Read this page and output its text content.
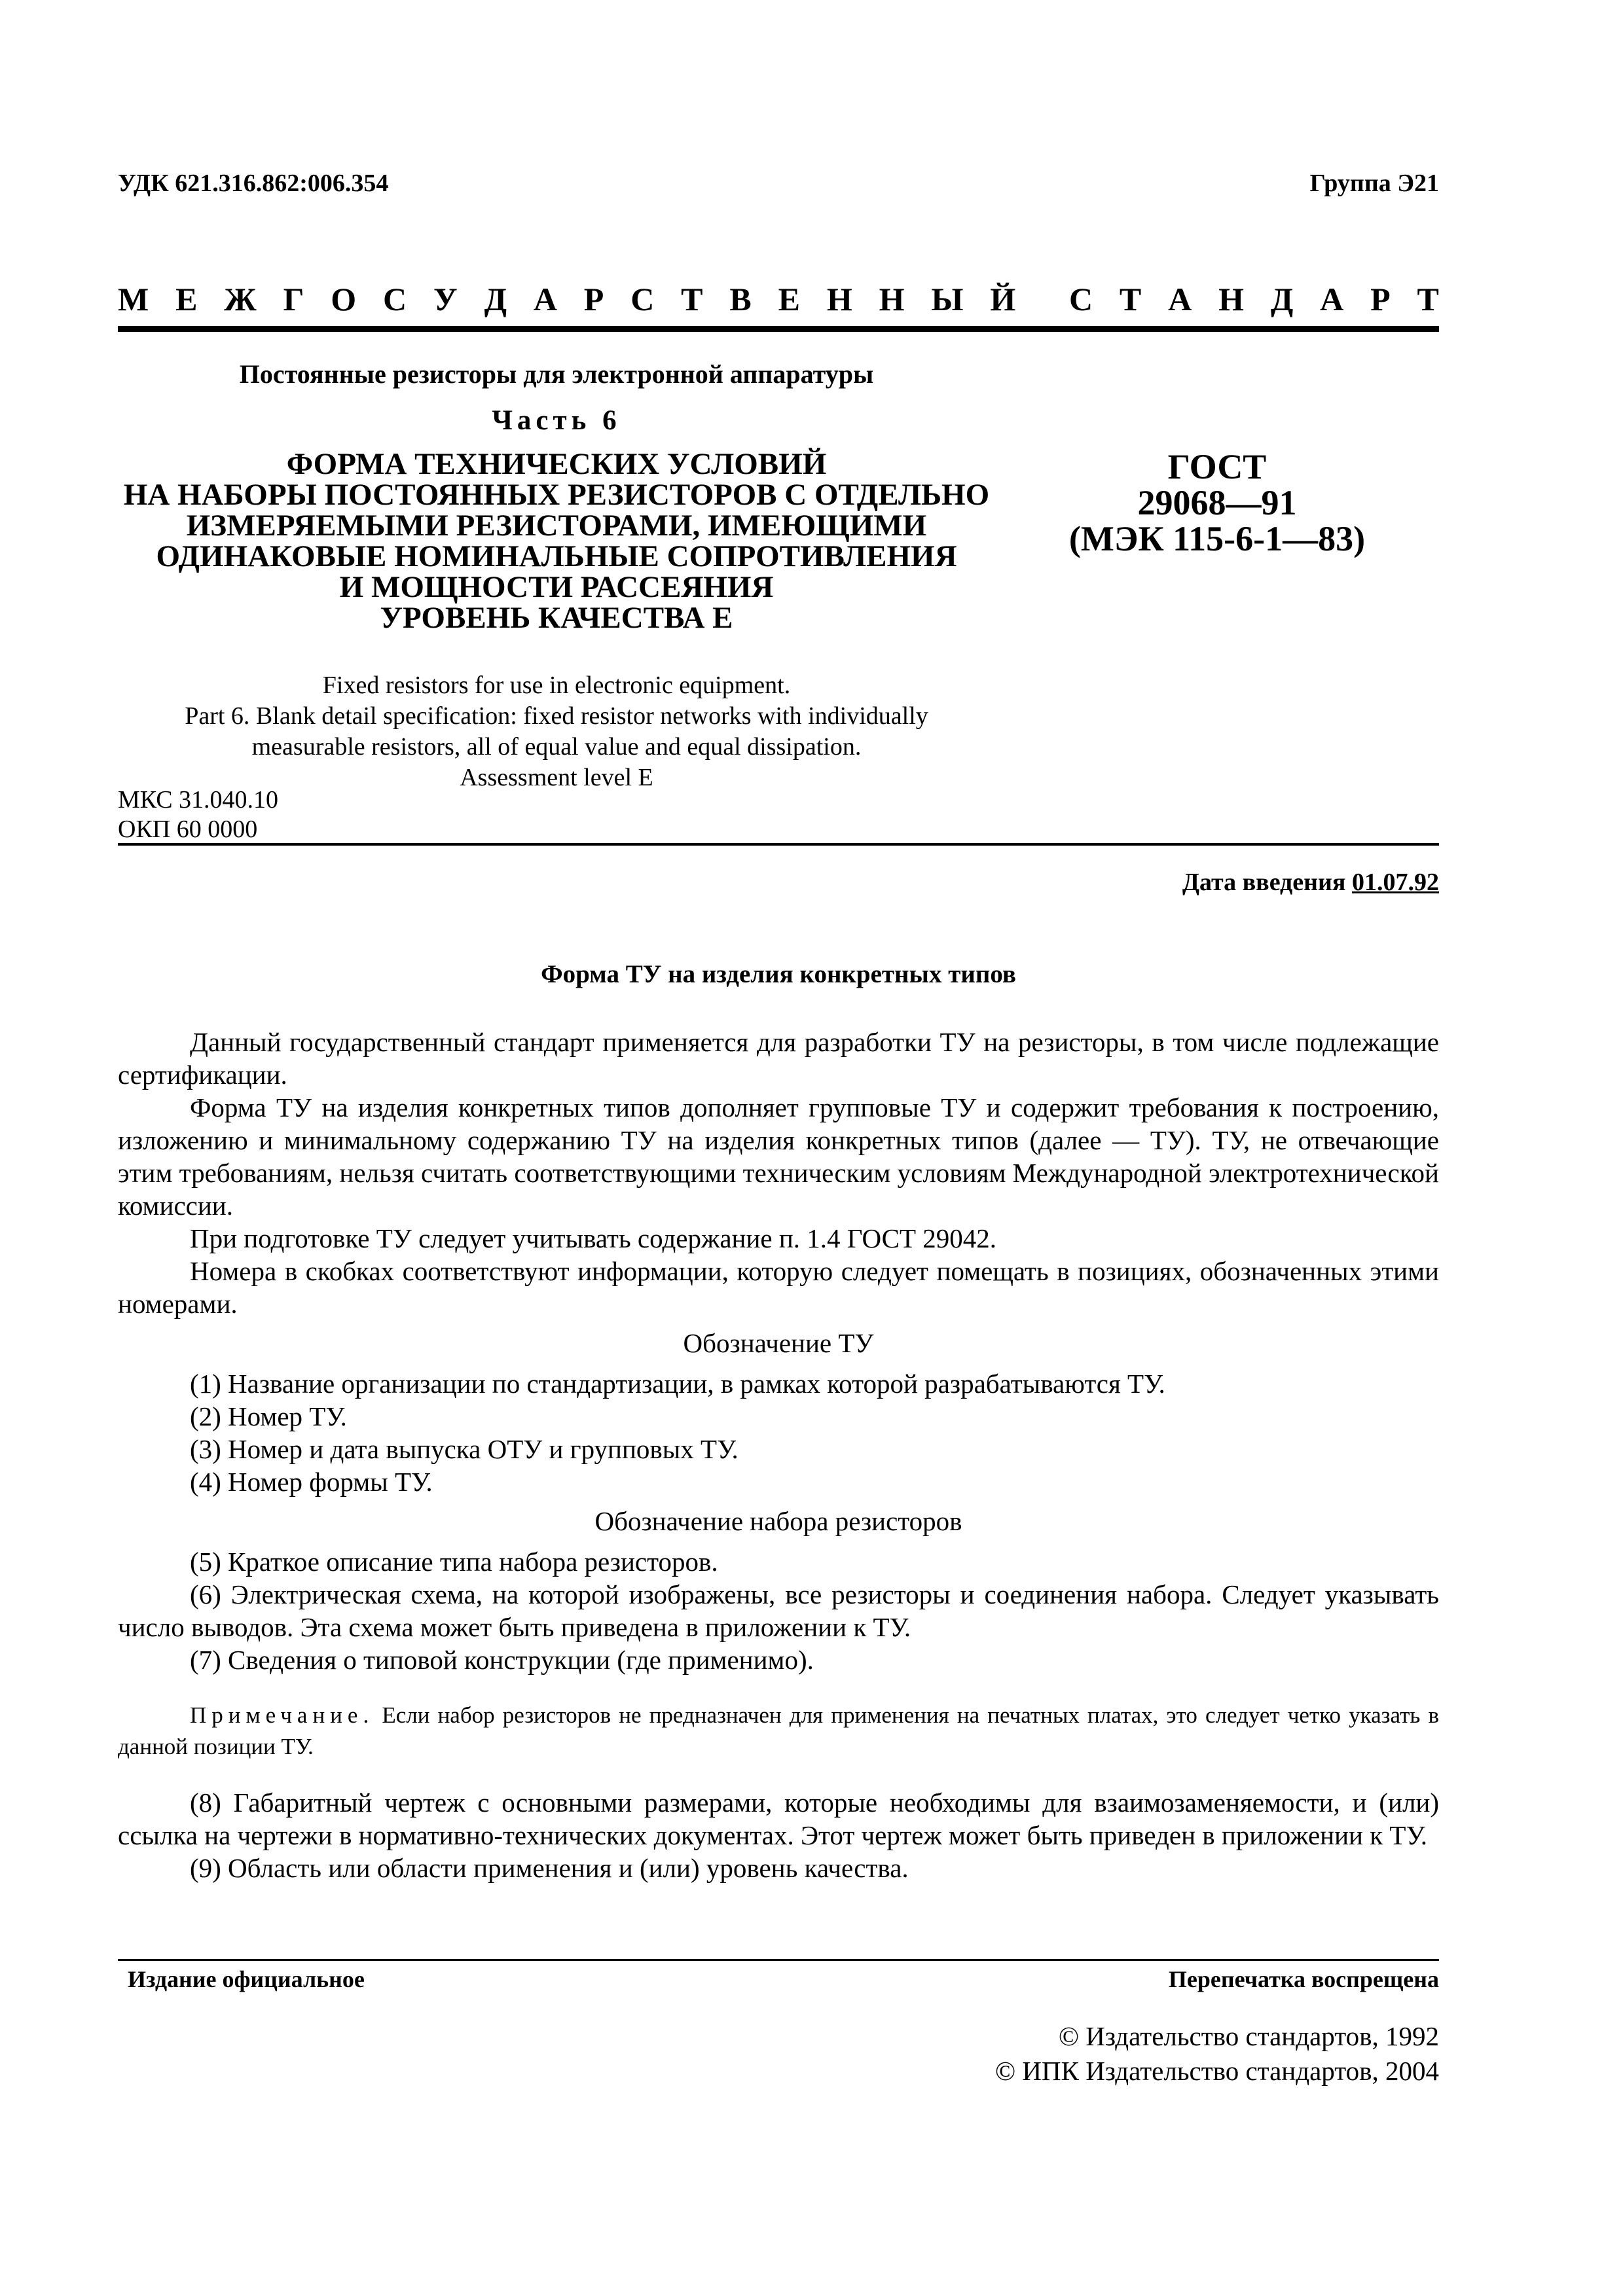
УДК 621.316.862:006.354	Группа Э21
М Е Ж Г О С У Д А Р С Т В Е Н Н Ы Й С Т А Н Д А Р Т
Постоянные резисторы для электронной аппаратуры
Часть 6
ФОРМА ТЕХНИЧЕСКИХ УСЛОВИЙ
НА НАБОРЫ ПОСТОЯННЫХ РЕЗИСТОРОВ С ОТДЕЛЬНО
ИЗМЕРЯЕМЫМИ РЕЗИСТОРАМИ, ИМЕЮЩИМИ
ОДИНАКОВЫЕ НОМИНАЛЬНЫЕ СОПРОТИВЛЕНИЯ
И МОЩНОСТИ РАССЕЯНИЯ
УРОВЕНЬ КАЧЕСТВА Е
ГОСТ
29068—91
(МЭК 115-6-1—83)
Fixed resistors for use in electronic equipment.
Part 6. Blank detail specification: fixed resistor networks with individually
measurable resistors, all of equal value and equal dissipation.
Assessment level E
МКС 31.040.10
ОКП 60 0000
Дата введения 01.07.92
Форма ТУ на изделия конкретных типов

Данный государственный стандарт применяется для разработки ТУ на резисторы, в том числе подлежащие сертификации.

Форма ТУ на изделия конкретных типов дополняет групповые ТУ и содержит требования к построению, изложению и минимальному содержанию ТУ на изделия конкретных типов (далее — ТУ). ТУ, не отвечающие этим требованиям, нельзя считать соответствующими техническим условиям Международной электротехнической комиссии.

При подготовке ТУ следует учитывать содержание п. 1.4 ГОСТ 29042.

Номера в скобках соответствуют информации, которую следует помещать в позициях, обозначенных этими номерами.

Обозначение ТУ

(1) Название организации по стандартизации, в рамках которой разрабатываются ТУ.

(2) Номер ТУ.

(3) Номер и дата выпуска ОТУ и групповых ТУ.

(4) Номер формы ТУ.

Обозначение набора резисторов

(5) Краткое описание типа набора резисторов.

(6) Электрическая схема, на которой изображены, все резисторы и соединения набора. Следует указывать число выводов. Эта схема может быть приведена в приложении к ТУ.

(7) Сведения о типовой конструкции (где применимо).

Примечание. Если набор резисторов не предназначен для применения на печатных платах, это следует четко указать в данной позиции ТУ.

(8) Габаритный чертеж с основными размерами, которые необходимы для взаимозаменяемости, и (или) ссылка на чертежи в нормативно-технических документах. Этот чертеж может быть приведен в приложении к ТУ.

(9) Область или области применения и (или) уровень качества.

Издание официальное	Перепечатка воспрещена
© Издательство стандартов, 1992
© ИПК Издательство стандартов, 2004
